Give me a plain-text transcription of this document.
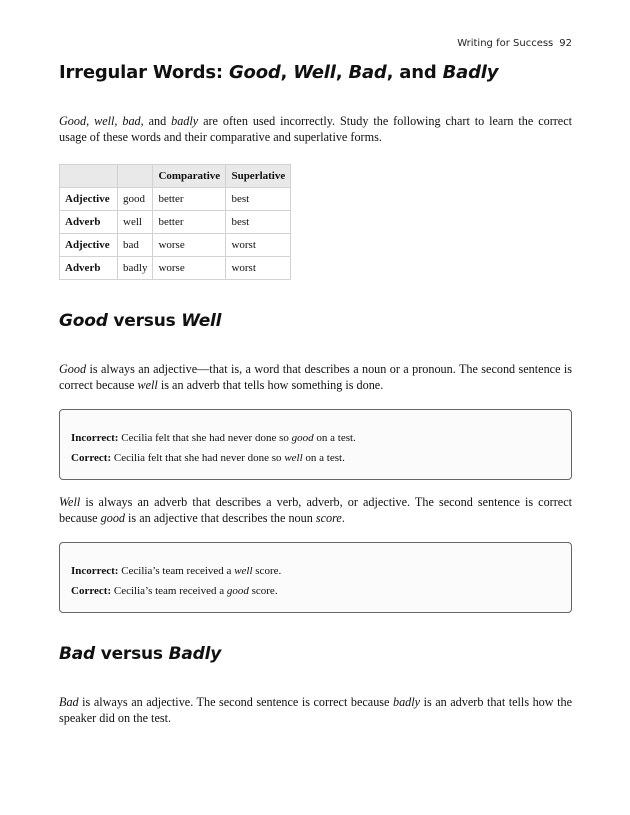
Writing for Success 92
Irregular Words: Good, Well, Bad, and Badly

Good, well, bad, and badly are often used incorrectly. Study the following chart to learn the correct usage of these words and their comparative and superlative forms.

		Comparative	Superlative
Adjective	good	better	best
Adverb	well	better	best
Adjective	bad	worse	worst
Adverb	badly	worse	worst
Good versus Well

Good is always an adjective—that is, a word that describes a noun or a pronoun. The second sentence is correct because well is an adverb that tells how something is done.

Incorrect: Cecilia felt that she had never done so good on a test.

Correct: Cecilia felt that she had never done so well on a test.

Well is always an adverb that describes a verb, adverb, or adjective. The second sentence is correct because good is an adjective that describes the noun score.

Incorrect: Cecilia’s team received a well score.

Correct: Cecilia’s team received a good score.

Bad versus Badly

Bad is always an adjective. The second sentence is correct because badly is an adverb that tells how the speaker did on the test.
